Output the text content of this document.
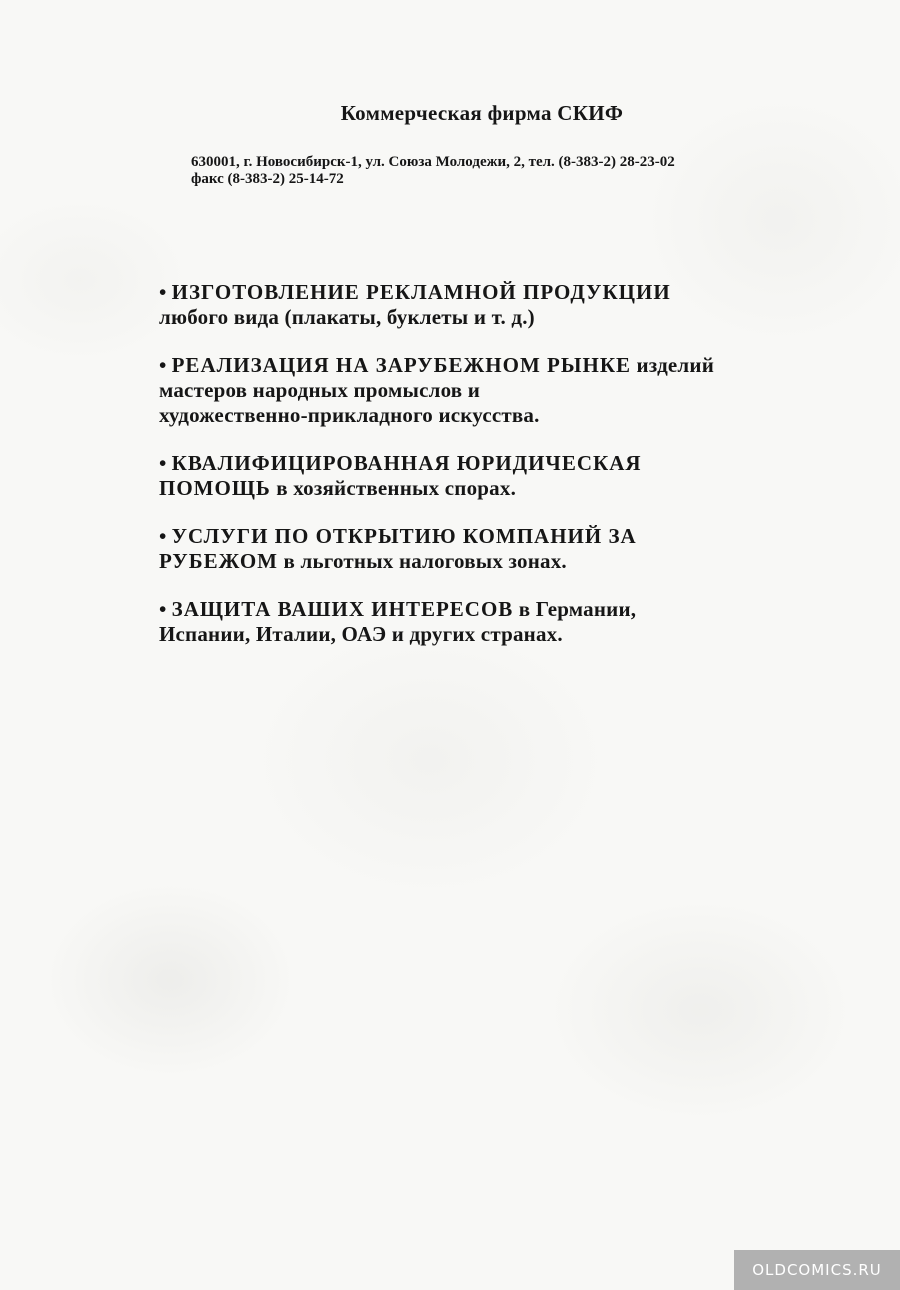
Коммерческая фирма СКИФ
630001, г. Новосибирск-1, ул. Союза Молодежи, 2, тел. (8-383-2) 28-23-02
факс (8-383-2) 25-14-72
• ИЗГОТОВЛЕНИЕ РЕКЛАМНОЙ ПРОДУКЦИИ
любого вида (плакаты, буклеты и т. д.)
• РЕАЛИЗАЦИЯ НА ЗАРУБЕЖНОМ РЫНКЕ изделий
мастеров народных промыслов и
художественно-прикладного искусства.
• КВАЛИФИЦИРОВАННАЯ ЮРИДИЧЕСКАЯ
ПОМОЩЬ в хозяйственных спорах.
• УСЛУГИ ПО ОТКРЫТИЮ КОМПАНИЙ ЗА
РУБЕЖОМ в льготных налоговых зонах.
• ЗАЩИТА ВАШИХ ИНТЕРЕСОВ в Германии,
Испании, Италии, ОАЭ и других странах.
OLDCOMICS.RU
